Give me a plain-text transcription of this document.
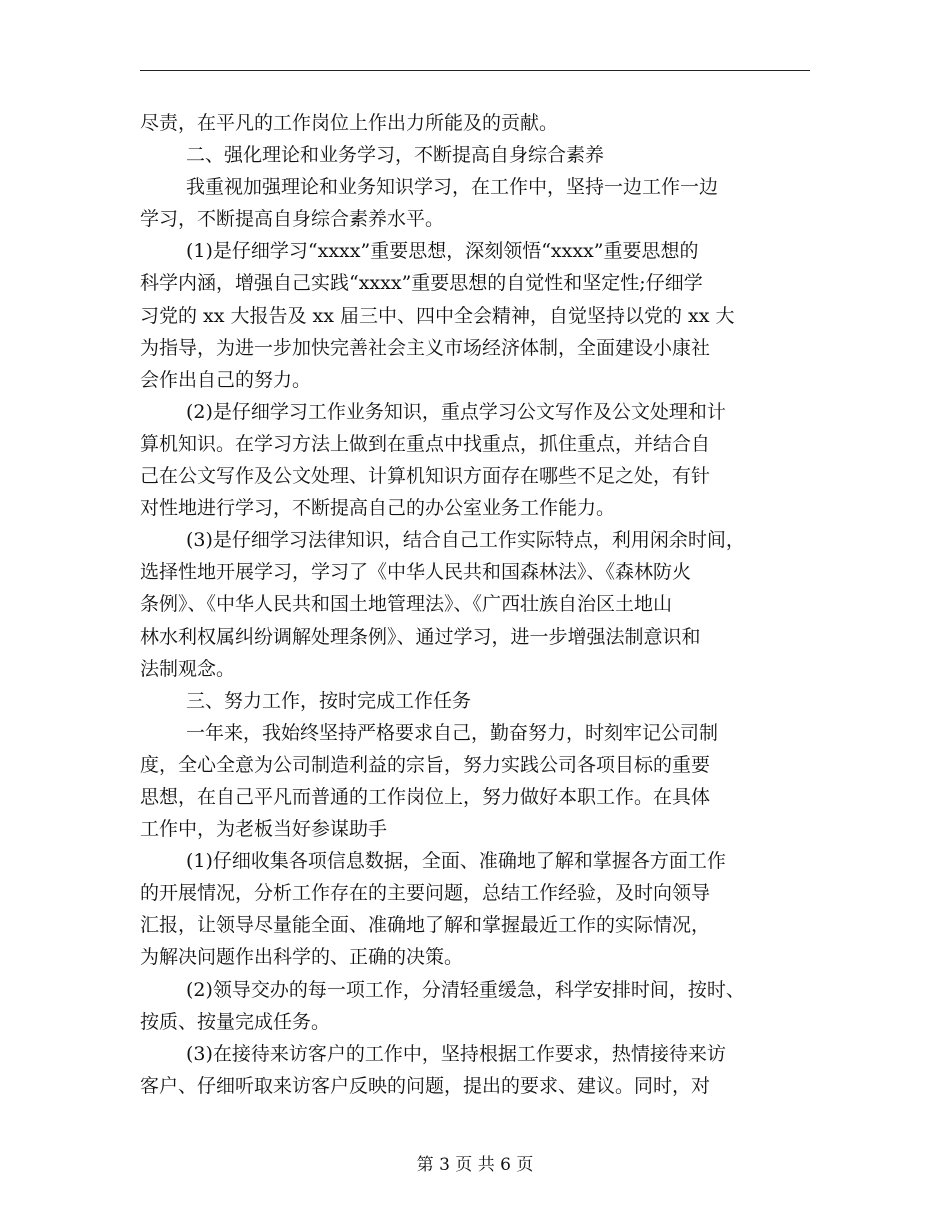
尽责，在平凡的工作岗位上作出力所能及的贡献。
二、强化理论和业务学习，不断提高自身综合素养
我重视加强理论和业务知识学习，在工作中，坚持一边工作一边
学习，不断提高自身综合素养水平。
(1)是仔细学习“xxxx”重要思想，深刻领悟“xxxx”重要思想的
科学内涵，增强自己实践“xxxx”重要思想的自觉性和坚定性;仔细学
习党的 xx 大报告及 xx 届三中、四中全会精神，自觉坚持以党的 xx 大
为指导，为进一步加快完善社会主义市场经济体制，全面建设小康社
会作出自己的努力。
(2)是仔细学习工作业务知识，重点学习公文写作及公文处理和计
算机知识。在学习方法上做到在重点中找重点，抓住重点，并结合自
己在公文写作及公文处理、计算机知识方面存在哪些不足之处，有针
对性地进行学习，不断提高自己的办公室业务工作能力。
(3)是仔细学习法律知识，结合自己工作实际特点，利用闲余时间，
选择性地开展学习，学习了《中华人民共和国森林法》、《森林防火
条例》、《中华人民共和国土地管理法》、《广西壮族自治区土地山
林水利权属纠纷调解处理条例》、通过学习，进一步增强法制意识和
法制观念。
三、努力工作，按时完成工作任务
一年来，我始终坚持严格要求自己，勤奋努力，时刻牢记公司制
度，全心全意为公司制造利益的宗旨，努力实践公司各项目标的重要
思想，在自己平凡而普通的工作岗位上，努力做好本职工作。在具体
工作中，为老板当好参谋助手
(1)仔细收集各项信息数据，全面、准确地了解和掌握各方面工作
的开展情况，分析工作存在的主要问题，总结工作经验，及时向领导
汇报，让领导尽量能全面、准确地了解和掌握最近工作的实际情况，
为解决问题作出科学的、正确的决策。
(2)领导交办的每一项工作，分清轻重缓急，科学安排时间，按时、
按质、按量完成任务。
(3)在接待来访客户的工作中，坚持根据工作要求，热情接待来访
客户、仔细听取来访客户反映的问题，提出的要求、建议。同时，对
第 3 页 共 6 页
